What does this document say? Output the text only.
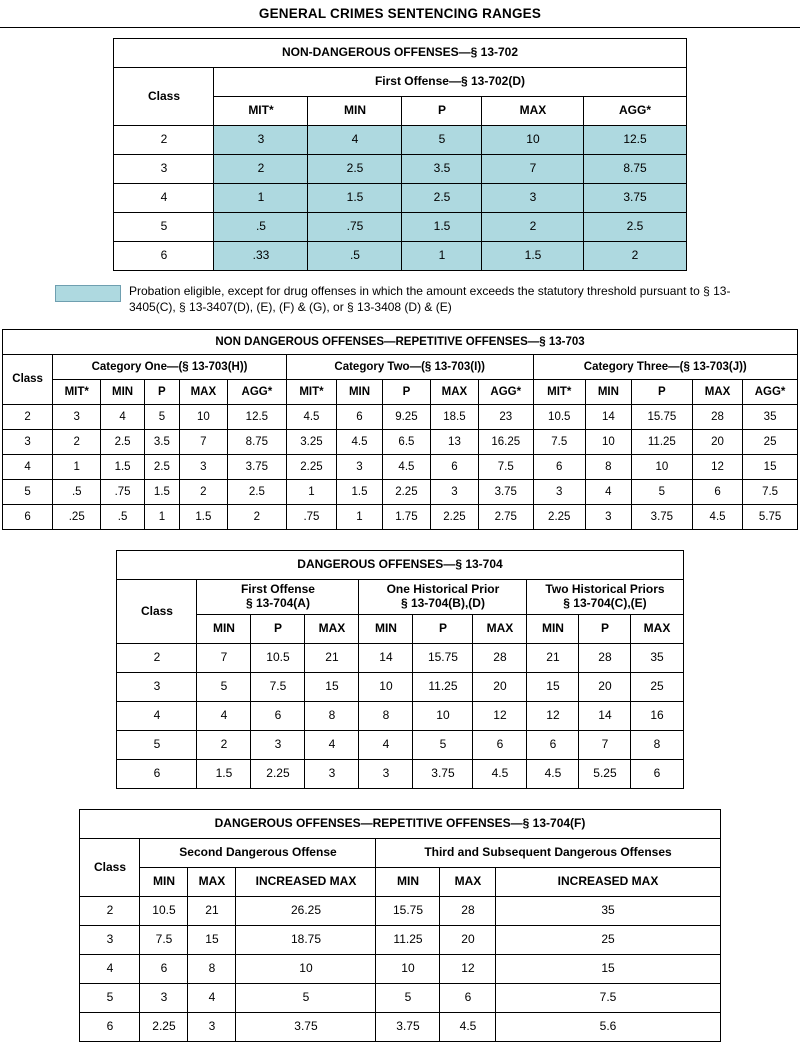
GENERAL CRIMES SENTENCING RANGES
NON-DANGEROUS OFFENSES—§ 13-702					
Class	First Offense—§ 13-702(D)				
	MIT*	MIN	P	MAX	AGG*
2	3	4	5	10	12.5
3	2	2.5	3.5	7	8.75
4	1	1.5	2.5	3	3.75
5	.5	.75	1.5	2	2.5
6	.33	.5	1	1.5	2
Probation eligible, except for drug offenses in which the amount exceeds the statutory threshold pursuant to § 13-3405(C), § 13-3407(D), (E), (F) & (G), or § 13-3408 (D) & (E)
NON DANGEROUS OFFENSES—REPETITIVE OFFENSES—§ 13-703															
Class	Category One—(§ 13-703(H))					Category Two—(§ 13-703(I))					Category Three—(§ 13-703(J))				
	MIT*	MIN	P	MAX	AGG*	MIT*	MIN	P	MAX	AGG*	MIT*	MIN	P	MAX	AGG*
2	3	4	5	10	12.5	4.5	6	9.25	18.5	23	10.5	14	15.75	28	35
3	2	2.5	3.5	7	8.75	3.25	4.5	6.5	13	16.25	7.5	10	11.25	20	25
4	1	1.5	2.5	3	3.75	2.25	3	4.5	6	7.5	6	8	10	12	15
5	.5	.75	1.5	2	2.5	1	1.5	2.25	3	3.75	3	4	5	6	7.5
6	.25	.5	1	1.5	2	.75	1	1.75	2.25	2.75	2.25	3	3.75	4.5	5.75
DANGEROUS OFFENSES—§ 13-704									
Class	
First Offense
§ 13-704(A)

One Historical Prior
§ 13-704(B),(D)

Two Historical Priors
§ 13-704(C),(E)

	MIN	P	MAX	MIN	P	MAX	MIN	P	MAX
2	7	10.5	21	14	15.75	28	21	28	35
3	5	7.5	15	10	11.25	20	15	20	25
4	4	6	8	8	10	12	12	14	16
5	2	3	4	4	5	6	6	7	8
6	1.5	2.25	3	3	3.75	4.5	4.5	5.25	6
DANGEROUS OFFENSES—REPETITIVE OFFENSES—§ 13-704(F)						
Class	Second Dangerous Offense			Third and Subsequent Dangerous Offenses		
	MIN	MAX	INCREASED MAX	MIN	MAX	INCREASED MAX
2	10.5	21	26.25	15.75	28	35
3	7.5	15	18.75	11.25	20	25
4	6	8	10	10	12	15
5	3	4	5	5	6	7.5
6	2.25	3	3.75	3.75	4.5	5.6
